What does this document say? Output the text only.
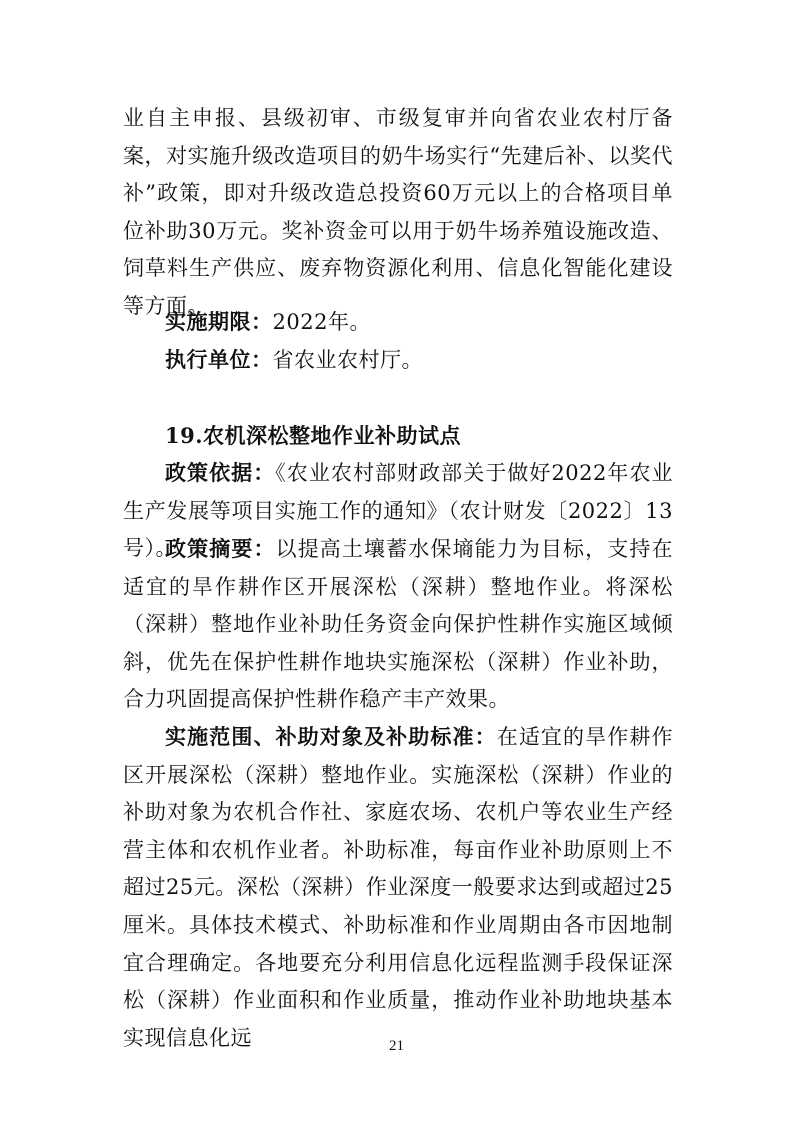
业自主申报、县级初审、市级复审并向省农业农村厅备案，对实施升级改造项目的奶牛场实行“先建后补、以奖代补”政策，即对升级改造总投资60万元以上的合格项目单位补助30万元。奖补资金可以用于奶牛场养殖设施改造、饲草料生产供应、废弃物资源化利用、信息化智能化建设等方面。

实施期限：2022年。

执行单位：省农业农村厅。

19.农机深松整地作业补助试点

政策依据：《农业农村部财政部关于做好2022年农业生产发展等项目实施工作的通知》（农计财发〔2022〕13号）。

政策摘要：以提高土壤蓄水保墒能力为目标，支持在适宜的旱作耕作区开展深松（深耕）整地作业。将深松（深耕）整地作业补助任务资金向保护性耕作实施区域倾斜，优先在保护性耕作地块实施深松（深耕）作业补助，合力巩固提高保护性耕作稳产丰产效果。

实施范围、补助对象及补助标准：在适宜的旱作耕作区开展深松（深耕）整地作业。实施深松（深耕）作业的补助对象为农机合作社、家庭农场、农机户等农业生产经营主体和农机作业者。补助标准，每亩作业补助原则上不超过25元。深松（深耕）作业深度一般要求达到或超过25厘米。具体技术模式、补助标准和作业周期由各市因地制宜合理确定。各地要充分利用信息化远程监测手段保证深松（深耕）作业面积和作业质量，推动作业补助地块基本实现信息化远	21
